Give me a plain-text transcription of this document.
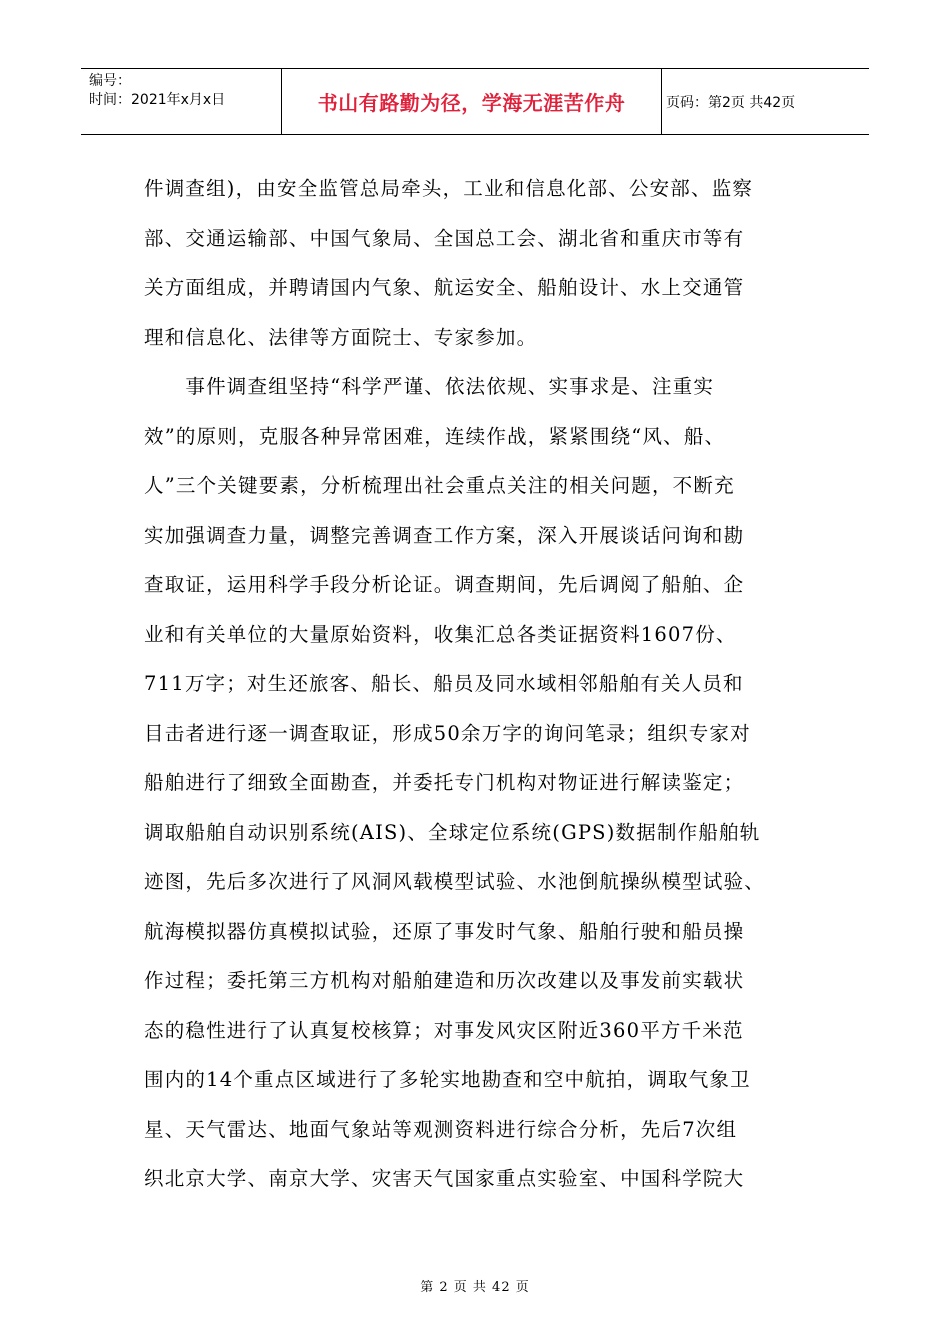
编号：
时间：2021年x月x日	书山有路勤为径，学海无涯苦作舟	页码：第2页 共42页
件调查组)，由安全监管总局牵头，工业和信息化部、公安部、监察
部、交通运输部、中国气象局、全国总工会、湖北省和重庆市等有
关方面组成，并聘请国内气象、航运安全、船舶设计、水上交通管
理和信息化、法律等方面院士、专家参加。
　　事件调查组坚持“科学严谨、依法依规、实事求是、注重实
效”的原则，克服各种异常困难，连续作战，紧紧围绕“风、船、
人”三个关键要素，分析梳理出社会重点关注的相关问题，不断充
实加强调查力量，调整完善调查工作方案，深入开展谈话问询和勘
查取证，运用科学手段分析论证。调查期间，先后调阅了船舶、企
业和有关单位的大量原始资料，收集汇总各类证据资料1607份、
711万字；对生还旅客、船长、船员及同水域相邻船舶有关人员和
目击者进行逐一调查取证，形成50余万字的询问笔录；组织专家对
船舶进行了细致全面勘查，并委托专门机构对物证进行解读鉴定；
调取船舶自动识别系统(AIS)、全球定位系统(GPS)数据制作船舶轨
迹图，先后多次进行了风洞风载模型试验、水池倒航操纵模型试验、
航海模拟器仿真模拟试验，还原了事发时气象、船舶行驶和船员操
作过程；委托第三方机构对船舶建造和历次改建以及事发前实载状
态的稳性进行了认真复校核算；对事发风灾区附近360平方千米范
围内的14个重点区域进行了多轮实地勘查和空中航拍，调取气象卫
星、天气雷达、地面气象站等观测资料进行综合分析，先后7次组
织北京大学、南京大学、灾害天气国家重点实验室、中国科学院大
第 2 页 共 42 页
